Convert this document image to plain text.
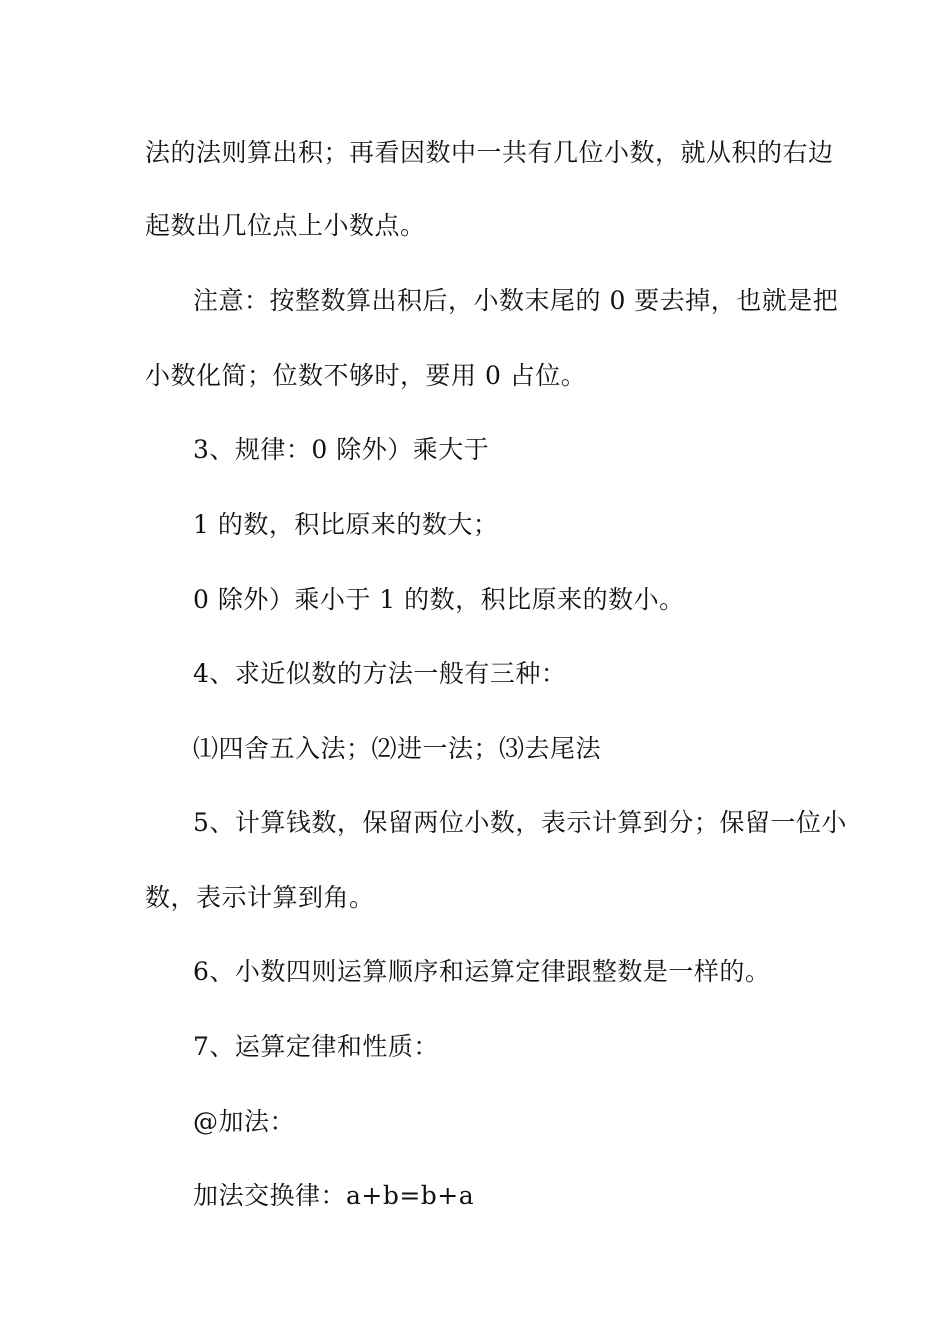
法的法则算出积；再看因数中一共有几位小数，就从积的右边
起数出几位点上小数点。
注意：按整数算出积后，小数末尾的 0 要去掉，也就是把
小数化简；位数不够时，要用 0 占位。
3、规律：0 除外）乘大于
1 的数，积比原来的数大；
0 除外）乘小于 1 的数，积比原来的数小。
4、求近似数的方法一般有三种：
⑴四舍五入法；⑵进一法；⑶去尾法
5、计算钱数，保留两位小数，表示计算到分；保留一位小
数，表示计算到角。
6、小数四则运算顺序和运算定律跟整数是一样的。
7、运算定律和性质：
@加法：
加法交换律：a+b=b+a
